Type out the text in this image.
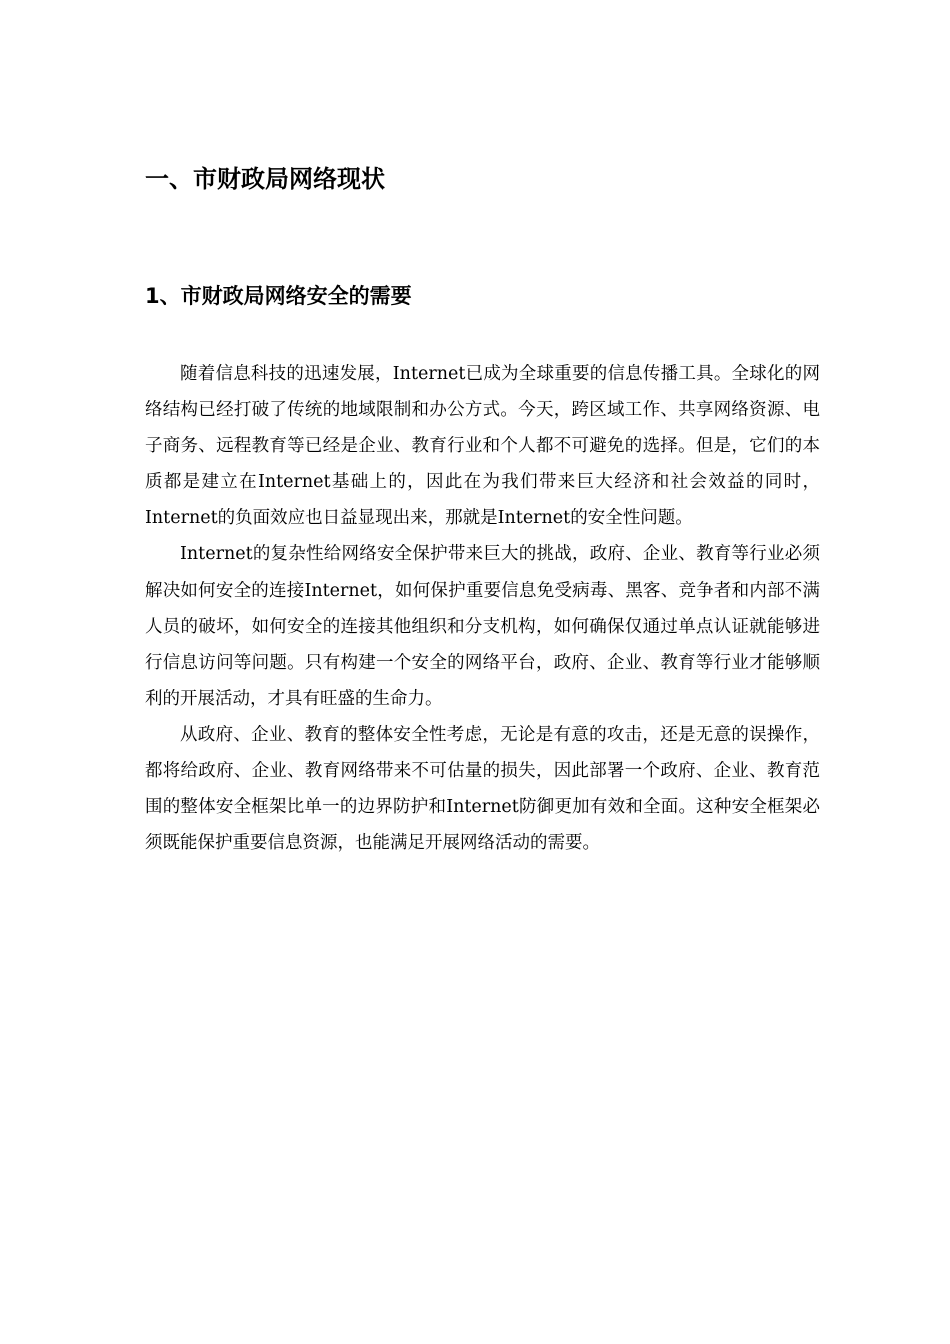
一、市财政局网络现状
1、市财政局网络安全的需要

随着信息科技的迅速发展，Internet已成为全球重要的信息传播工具。全球化的网络结构已经打破了传统的地域限制和办公方式。今天，跨区域工作、共享网络资源、电子商务、远程教育等已经是企业、教育行业和个人都不可避免的选择。但是，它们的本质都是建立在Internet基础上的，因此在为我们带来巨大经济和社会效益的同时，Internet的负面效应也日益显现出来，那就是Internet的安全性问题。

Internet的复杂性给网络安全保护带来巨大的挑战，政府、企业、教育等行业必须解决如何安全的连接Internet，如何保护重要信息免受病毒、黑客、竞争者和内部不满人员的破坏，如何安全的连接其他组织和分支机构，如何确保仅通过单点认证就能够进行信息访问等问题。只有构建一个安全的网络平台，政府、企业、教育等行业才能够顺利的开展活动，才具有旺盛的生命力。

从政府、企业、教育的整体安全性考虑，无论是有意的攻击，还是无意的误操作，都将给政府、企业、教育网络带来不可估量的损失，因此部署一个政府、企业、教育范围的整体安全框架比单一的边界防护和Internet防御更加有效和全面。这种安全框架必须既能保护重要信息资源，也能满足开展网络活动的需要。
